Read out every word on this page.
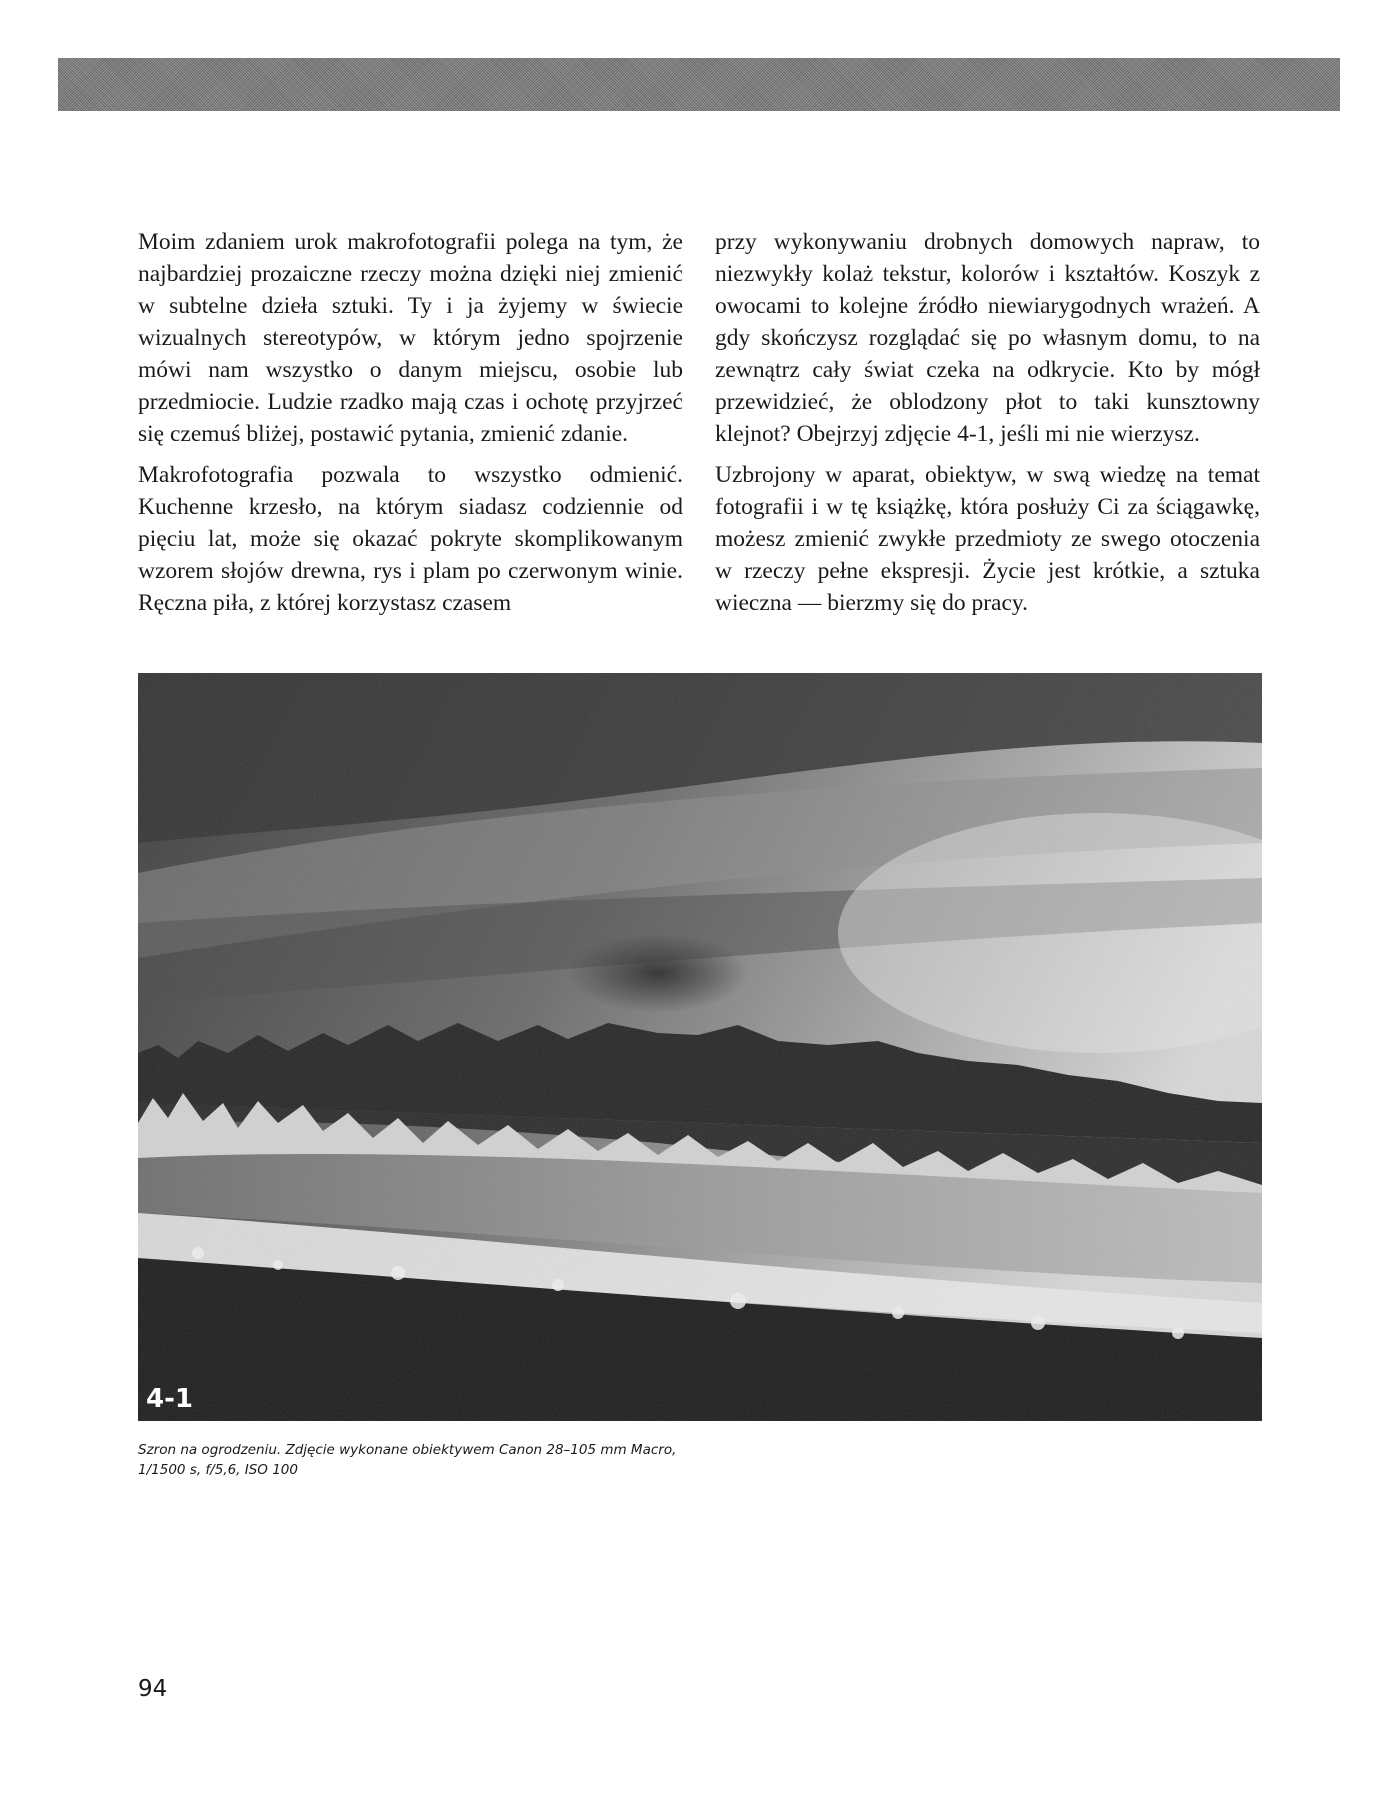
Moim zdaniem urok makrofotografii polega na tym, że najbardziej prozaiczne rzeczy można dzięki niej zmienić w subtelne dzieła sztuki. Ty i ja żyjemy w świecie wizualnych stereotypów, w którym jedno spojrzenie mówi nam wszystko o danym miejscu, osobie lub przedmiocie. Ludzie rzadko mają czas i ochotę przyjrzeć się czemuś bliżej, postawić pytania, zmienić zdanie.

Makrofotografia pozwala to wszystko odmienić. Kuchenne krzesło, na którym siadasz codziennie od pięciu lat, może się okazać pokryte skomplikowanym wzorem słojów drewna, rys i plam po czerwonym winie. Ręczna piła, z której korzystasz czasem

przy wykonywaniu drobnych domowych napraw, to niezwykły kolaż tekstur, kolorów i kształtów. Koszyk z owocami to kolejne źródło niewiarygodnych wrażeń. A gdy skończysz rozglądać się po własnym domu, to na zewnątrz cały świat czeka na odkrycie. Kto by mógł przewidzieć, że oblodzony płot to taki kunsztowny klejnot? Obejrzyj zdjęcie 4-1, jeśli mi nie wierzysz.

Uzbrojony w aparat, obiektyw, w swą wiedzę na temat fotografii i w tę książkę, która posłuży Ci za ściągawkę, możesz zmienić zwykłe przedmioty ze swego otoczenia w rzeczy pełne ekspresji. Życie jest krótkie, a sztuka wieczna — bierzmy się do pracy.

4-1
Szron na ogrodzeniu. Zdjęcie wykonane obiektywem Canon 28–105 mm Macro,
1/1500 s, f/5,6, ISO 100
94
